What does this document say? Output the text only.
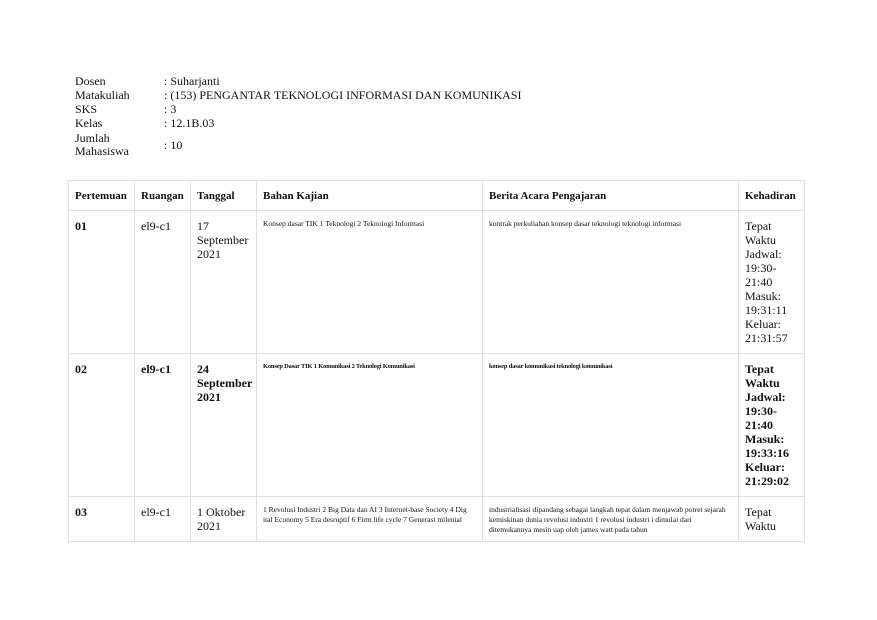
Dosen	: Suharjanti
Matakuliah	: (153) PENGANTAR TEKNOLOGI INFORMASI DAN KOMUNIKASI
SKS	: 3
Kelas	: 12.1B.03
Jumlah
Mahasiswa	: 10
Pertemuan	Ruangan	Tanggal	Bahan Kajian	Berita Acara Pengajaran	Kehadiran
01	el9-c1	17 September 2021	Konsep dasar TIK 1 Teknologi 2 Teknologi Informasi	kontrak perkuliahan konsep dasar teknologi teknologi informasi	Tepat Waktu Jadwal: 19:30-21:40 Masuk: 19:31:11 Keluar: 21:31:57
02	el9-c1	24 September 2021	Konsep Dasar TIK 1 Komunikasi 2 Teknologi Komunikasi	konsep dasar komunikasi teknologi komunikasi	Tepat Waktu Jadwal: 19:30-21:40 Masuk: 19:33:16 Keluar: 21:29:02
03	el9-c1	1 Oktober 2021	1 Revolusi Industri 2 Big Data dan AI 3 Internet-base Society 4 Dig ital Economy 5 Era desruptif 6 Firm life cycle 7 Generasi milenial	industrialisasi dipandang sebagai langkah tepat dalam menjawab potret sejarah kemiskinan dunia revolusi industri 1 revolusi industri i dimulai dari ditemukannya mesin uap oleh james watt pada tahun	Tepat Waktu
